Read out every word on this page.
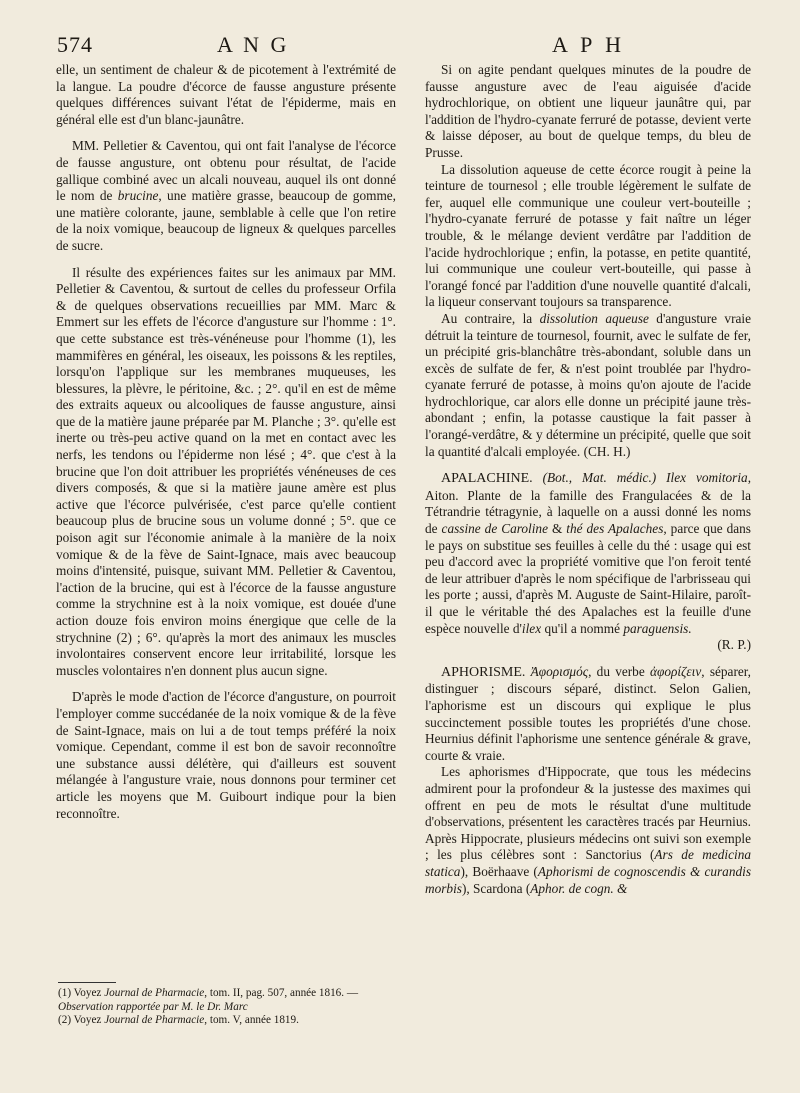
574	A N G	A P H

elle, un sentiment de chaleur & de picotement à l'extrémité de la langue. La poudre d'écorce de fausse angusture présente quelques différences suivant l'état de l'épiderme, mais en général elle est d'un blanc-jaunâtre.

MM. Pelletier & Caventou, qui ont fait l'analyse de l'écorce de fausse angusture, ont obtenu pour résultat, de l'acide gallique combiné avec un alcali nouveau, auquel ils ont donné le nom de brucine, une matière grasse, beaucoup de gomme, une matière colorante, jaune, semblable à celle que l'on retire de la noix vomique, beaucoup de ligneux & quelques parcelles de sucre.

Il résulte des expériences faites sur les animaux par MM. Pelletier & Caventou, & surtout de celles du professeur Orfila & de quelques observations recueillies par MM. Marc & Emmert sur les effets de l'écorce d'angusture sur l'homme : 1°. que cette substance est très-vénéneuse pour l'homme (1), les mammifères en général, les oiseaux, les poissons & les reptiles, lorsqu'on l'applique sur les membranes muqueuses, les blessures, la plèvre, le péritoine, &c. ; 2°. qu'il en est de même des extraits aqueux ou alcooliques de fausse angusture, ainsi que de la matière jaune préparée par M. Planche ; 3°. qu'elle est inerte ou très-peu active quand on la met en contact avec les nerfs, les tendons ou l'épiderme non lésé ; 4°. que c'est à la brucine que l'on doit attribuer les propriétés vénéneuses de ces divers composés, & que si la matière jaune amère est plus active que l'écorce pulvérisée, c'est parce qu'elle contient beaucoup plus de brucine sous un volume donné ; 5°. que ce poison agit sur l'économie animale à la manière de la noix vomique & de la fève de Saint-Ignace, mais avec beaucoup moins d'intensité, puisque, suivant MM. Pelletier & Caventou, l'action de la brucine, qui est à l'écorce de la fausse angusture comme la strychnine est à la noix vomique, est douée d'une action douze fois environ moins énergique que celle de la strychnine (2) ; 6°. qu'après la mort des animaux les muscles involontaires conservent encore leur irritabilité, lorsque les muscles volontaires n'en donnent plus aucun signe.

D'après le mode d'action de l'écorce d'angusture, on pourroit l'employer comme succédanée de la noix vomique & de la fève de Saint-Ignace, mais on lui a de tout temps préféré la noix vomique. Cependant, comme il est bon de savoir reconnoître une substance aussi délétère, qui d'ailleurs est souvent mélangée à l'angusture vraie, nous donnons pour terminer cet article les moyens que M. Guibourt indique pour la bien reconnoître.

Si on agite pendant quelques minutes de la poudre de fausse angusture avec de l'eau aiguisée d'acide hydrochlorique, on obtient une liqueur jaunâtre qui, par l'addition de l'hydro-cyanate ferruré de potasse, devient verte & laisse déposer, au bout de quelque temps, du bleu de Prusse.

La dissolution aqueuse de cette écorce rougit à peine la teinture de tournesol ; elle trouble légèrement le sulfate de fer, auquel elle communique une couleur vert-bouteille ; l'hydro-cyanate ferruré de potasse y fait naître un léger trouble, & le mélange devient verdâtre par l'addition de l'acide hydrochlorique ; enfin, la potasse, en petite quantité, lui communique une couleur vert-bouteille, qui passe à l'orangé foncé par l'addition d'une nouvelle quantité d'alcali, la liqueur conservant toujours sa transparence.

Au contraire, la dissolution aqueuse d'angusture vraie détruit la teinture de tournesol, fournit, avec le sulfate de fer, un précipité gris-blanchâtre très-abondant, soluble dans un excès de sulfate de fer, & n'est point troublée par l'hydro-cyanate ferruré de potasse, à moins qu'on ajoute de l'acide hydrochlorique, car alors elle donne un précipité jaune très-abondant ; enfin, la potasse caustique la fait passer à l'orangé-verdâtre, & y détermine un précipité, quelle que soit la quantité d'alcali employée. (CH. H.)

APALACHINE. (Bot., Mat. médic.) Ilex vomitoria, Aiton. Plante de la famille des Frangulacées & de la Tétrandrie tétragynie, à laquelle on a aussi donné les noms de cassine de Caroline & thé des Apalaches, parce que dans le pays on substitue ses feuilles à celle du thé : usage qui est peu d'accord avec la propriété vomitive que l'on feroit tenté de leur attribuer d'après le nom spécifique de l'arbrisseau qui les porte ; aussi, d'après M. Auguste de Saint-Hilaire, paroît-il que le véritable thé des Apalaches est la feuille d'une espèce nouvelle d'ilex qu'il a nommé paraguensis.

(R. P.)

APHORISME. Ἀφορισμός, du verbe ἀφορίζειν, séparer, distinguer ; discours séparé, distinct. Selon Galien, l'aphorisme est un discours qui explique le plus succinctement possible toutes les propriétés d'une chose. Heurnius définit l'aphorisme une sentence générale & grave, courte & vraie.

Les aphorismes d'Hippocrate, que tous les médecins admirent pour la profondeur & la justesse des maximes qui offrent en peu de mots le résultat d'une multitude d'observations, présentent les caractères tracés par Heurnius. Après Hippocrate, plusieurs médecins ont suivi son exemple ; les plus célèbres sont : Sanctorius (Ars de medicina statica), Boërhaave (Aphorismi de cognoscendis & curandis morbis), Scardona (Aphor. de cogn. &

(1) Voyez Journal de Pharmacie, tom. II, pag. 507, année 1816. — Observation rapportée par M. le Dr. Marc

(2) Voyez Journal de Pharmacie, tom. V, année 1819.
